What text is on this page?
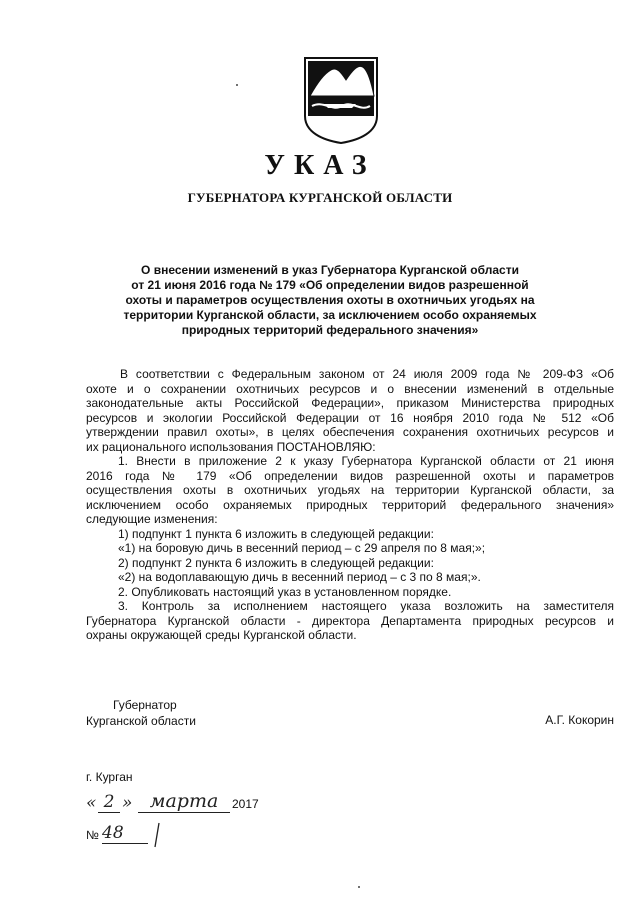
УКАЗ
ГУБЕРНАТОРА КУРГАНСКОЙ ОБЛАСТИ
О внесении изменений в указ Губернатора Курганской области
от 21 июня 2016 года № 179 «Об определении видов разрешенной
охоты и параметров осуществления охоты в охотничьих угодьях на
территории Курганской области, за исключением особо охраняемых
природных территорий федерального значения»
В соответствии с Федеральным законом от 24 июля 2009 года № 209-ФЗ «Об
охоте и о сохранении охотничьих ресурсов и о внесении изменений в отдельные
законодательные акты Российской Федерации», приказом Министерства природных
ресурсов и экологии Российской Федерации от 16 ноября 2010 года № 512 «Об
утверждении правил охоты», в целях обеспечения сохранения охотничьих ресурсов и
их рационального использования ПОСТАНОВЛЯЮ:
1. Внести в приложение 2 к указу Губернатора Курганской области от 21 июня
2016 года № 179 «Об определении видов разрешенной охоты и параметров
осуществления охоты в охотничьих угодьях на территории Курганской области, за
исключением особо охраняемых природных территорий федерального значения»
следующие изменения:
1) подпункт 1 пункта 6 изложить в следующей редакции:
«1) на боровую дичь в весенний период – с 29 апреля по 8 мая;»;
2) подпункт 2 пункта 6 изложить в следующей редакции:
«2) на водоплавающую дичь в весенний период – с 3 по 8 мая;».
2. Опубликовать настоящий указ в установленном порядке.
3. Контроль за исполнением настоящего указа возложить на заместителя
Губернатора Курганской области - директора Департамента природных ресурсов и
охраны окружающей среды Курганской области.
Губернатор
Курганской области	А.Г. Кокорин
г. Курган
« 2 » марта	2017
№ 48
